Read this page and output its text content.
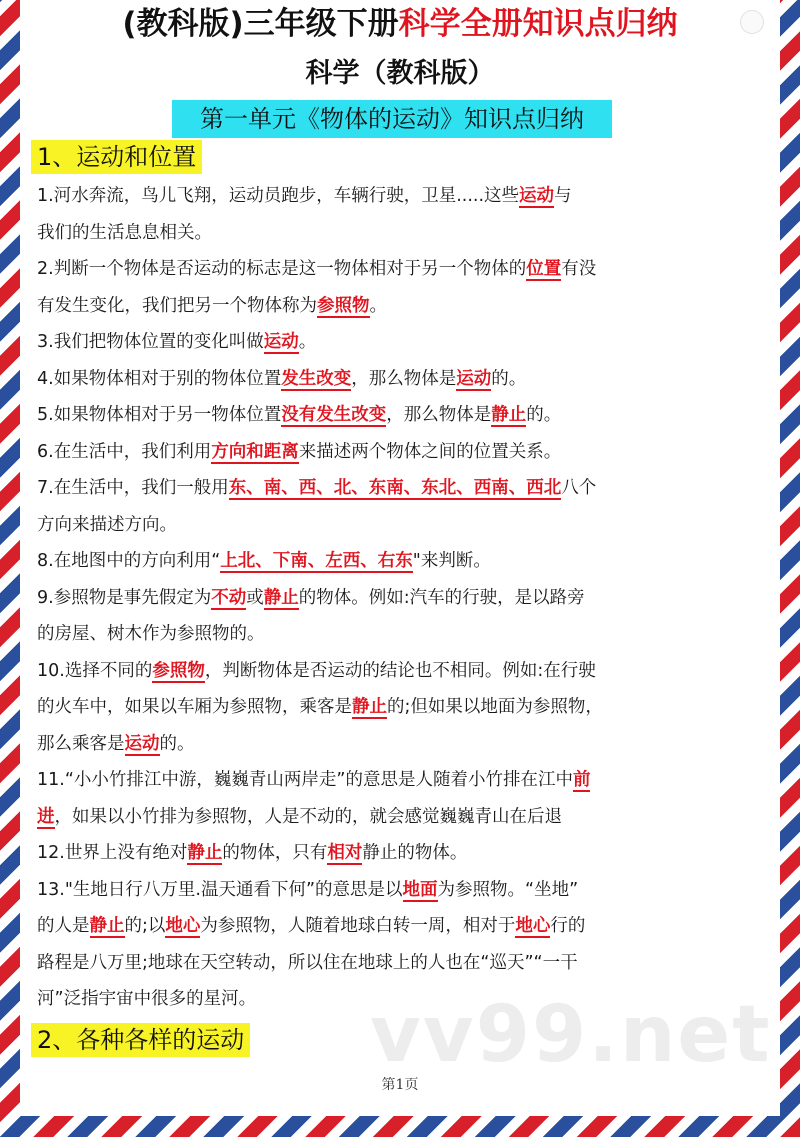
(教科版)三年级下册科学全册知识点归纳
科学（教科版）
第一单元《物体的运动》知识点归纳
1、运动和位置

1.河水奔流，鸟儿飞翔，运动员跑步，车辆行驶，卫星.....这些运动与

我们的生活息息相关。

2.判断一个物体是否运动的标志是这一物体相对于另一个物体的位置有没

有发生变化，我们把另一个物体称为参照物。

3.我们把物体位置的变化叫做运动。

4.如果物体相对于别的物体位置发生改变，那么物体是运动的。

5.如果物体相对于另一物体位置没有发生改变，那么物体是静止的。

6.在生活中，我们利用方向和距离来描述两个物体之间的位置关系。

7.在生活中，我们一般用东、南、西、北、东南、东北、西南、西北八个

方向来描述方向。

8.在地图中的方向利用“上北、下南、左西、右东"来判断。

9.参照物是事先假定为不动或静止的物体。例如:汽车的行驶，是以路旁

的房屋、树木作为参照物的。

10.选择不同的参照物，判断物体是否运动的结论也不相同。例如:在行驶

的火车中，如果以车厢为参照物，乘客是静止的;但如果以地面为参照物，

那么乘客是运动的。

11.“小小竹排江中游，巍巍青山两岸走”的意思是人随着小竹排在江中前

进，如果以小竹排为参照物，人是不动的，就会感觉巍巍青山在后退

12.世界上没有绝对静止的物体，只有相对静止的物体。

13."生地日行八万里.温天通看下何”的意思是以地面为参照物。“坐地”

的人是静止的;以地心为参照物，人随着地球白转一周，相对于地心行的

路程是八万里;地球在天空转动，所以住在地球上的人也在“巡天”“一干

河”泛指宇宙中很多的星河。

2、各种各样的运动 vv99.net
第1页
